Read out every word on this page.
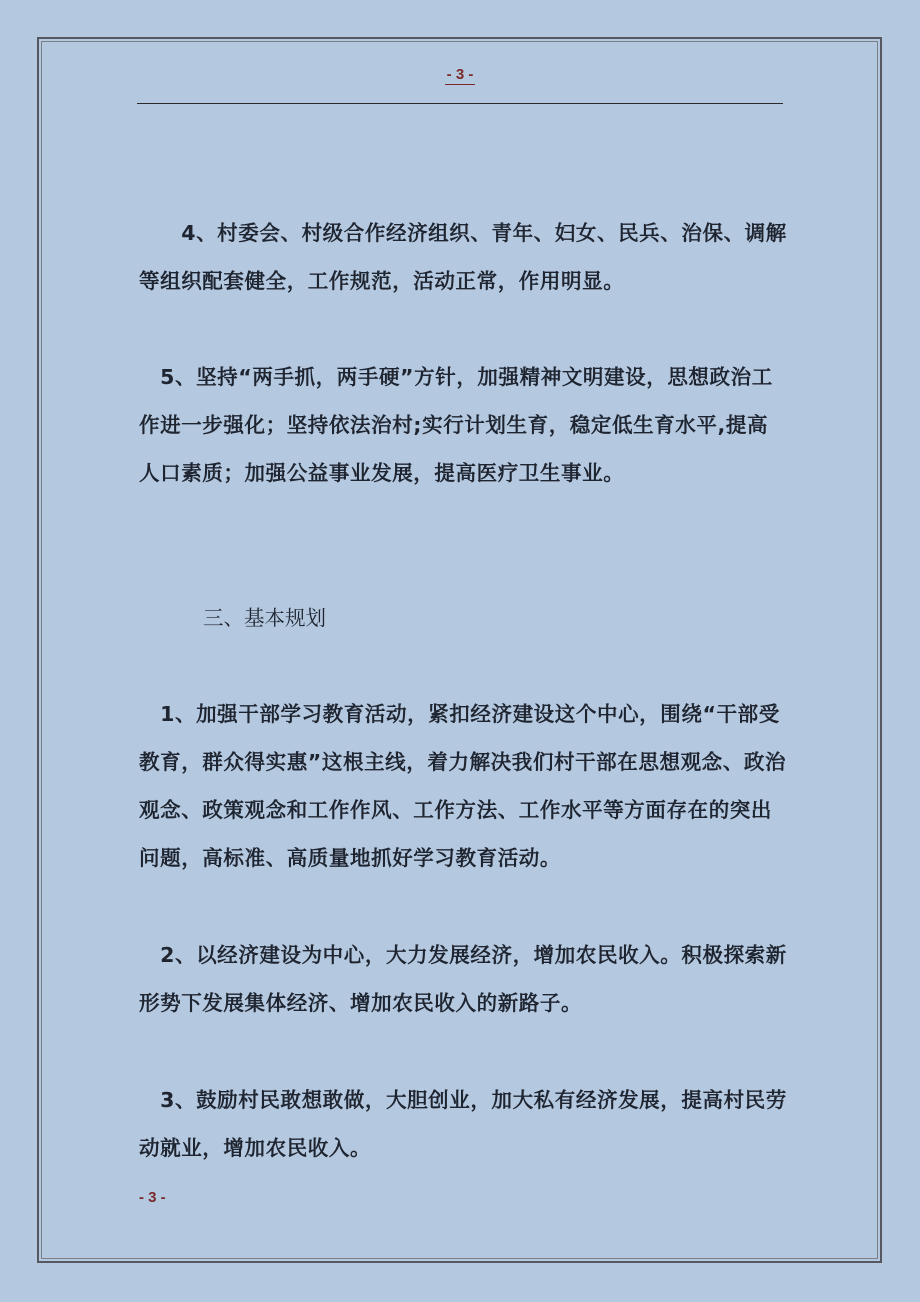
- 3 -

　　4、村委会、村级合作经济组织、青年、妇女、民兵、治保、调解等组织配套健全，工作规范，活动正常，作用明显。

　5、坚持“两手抓，两手硬”方针，加强精神文明建设，思想政治工作进一步强化；坚持依法治村;实行计划生育，稳定低生育水平,提高人口素质；加强公益事业发展，提高医疗卫生事业。

三、基本规划

　1、加强干部学习教育活动，紧扣经济建设这个中心，围绕“干部受教育，群众得实惠”这根主线，着力解决我们村干部在思想观念、政治观念、政策观念和工作作风、工作方法、工作水平等方面存在的突出问题，高标准、高质量地抓好学习教育活动。

　2、以经济建设为中心，大力发展经济，增加农民收入。积极探索新形势下发展集体经济、增加农民收入的新路子。

　3、鼓励村民敢想敢做，大胆创业，加大私有经济发展，提高村民劳动就业，增加农民收入。

- 3 -
